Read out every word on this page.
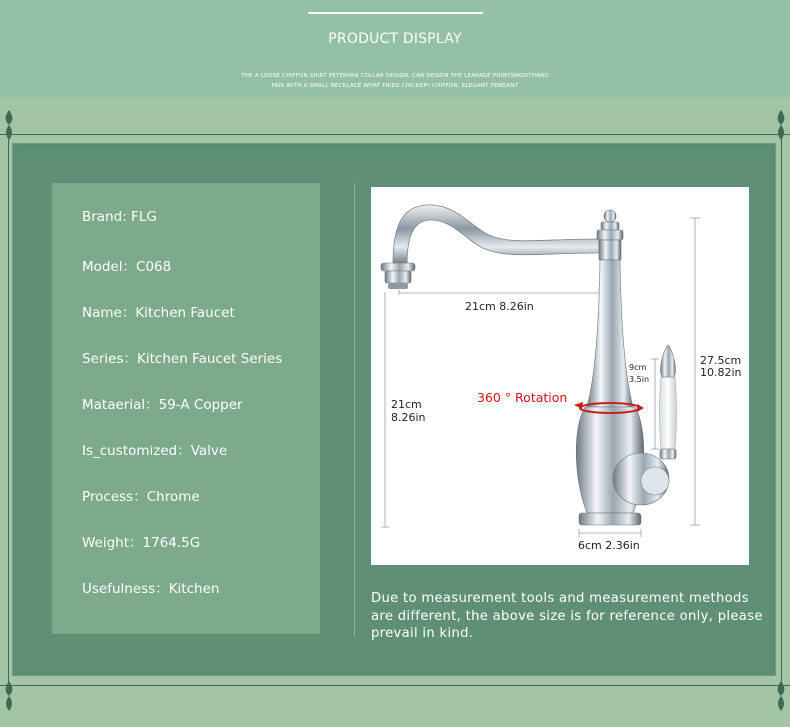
PRODUCT DISPLAY
THE A LOOSE CHIFFON SHIRT PETERPAN COLLAR DESIGN, CAN DESIGN THE LEAKAGE POINTSMOOTHAND
FAIR WITH A SMALL NECKLACE WHAT FRIED CHICKEN! CHIFFON, ELEGANT PENDANT
Brand: FLG
Model：C068
Name：Kitchen Faucet
Series：Kitchen Faucet Series
Mataerial：59-A Copper
Is_customized：Valve
Process：Chrome
Weight：1764.5G
Usefulness：Kitchen
21cm 8.26in
21cm
8.26in
27.5cm
10.82in
9cm
3.5in
6cm 2.36in
360 ° Rotation
Due to measurement tools and measurement methods are different, the above size is for reference only, please prevail in kind.
